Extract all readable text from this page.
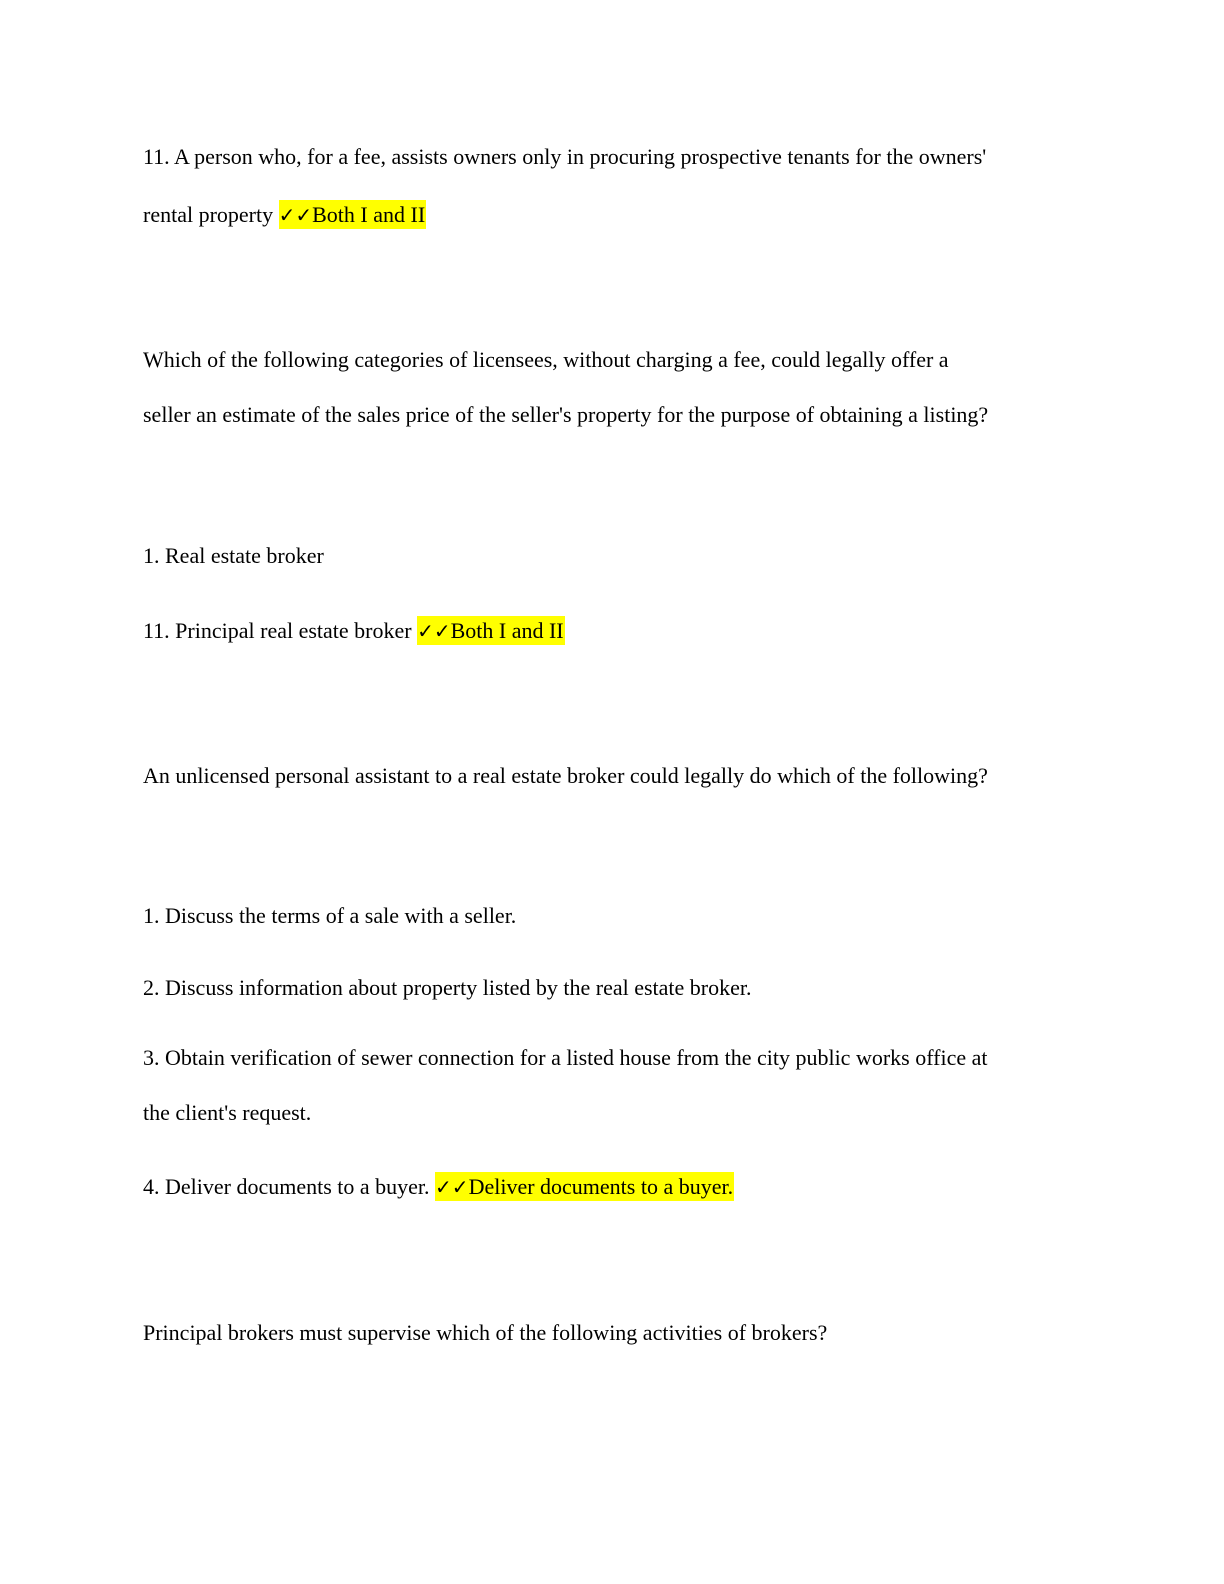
11. A person who, for a fee, assists owners only in procuring prospective tenants for the owners'
rental property ✓✓Both I and II
Which of the following categories of licensees, without charging a fee, could legally offer a
seller an estimate of the sales price of the seller's property for the purpose of obtaining a listing?
1. Real estate broker
11. Principal real estate broker ✓✓Both I and II
An unlicensed personal assistant to a real estate broker could legally do which of the following?
1. Discuss the terms of a sale with a seller.
2. Discuss information about property listed by the real estate broker.
3. Obtain verification of sewer connection for a listed house from the city public works office at
the client's request.
4. Deliver documents to a buyer. ✓✓Deliver documents to a buyer.
Principal brokers must supervise which of the following activities of brokers?
